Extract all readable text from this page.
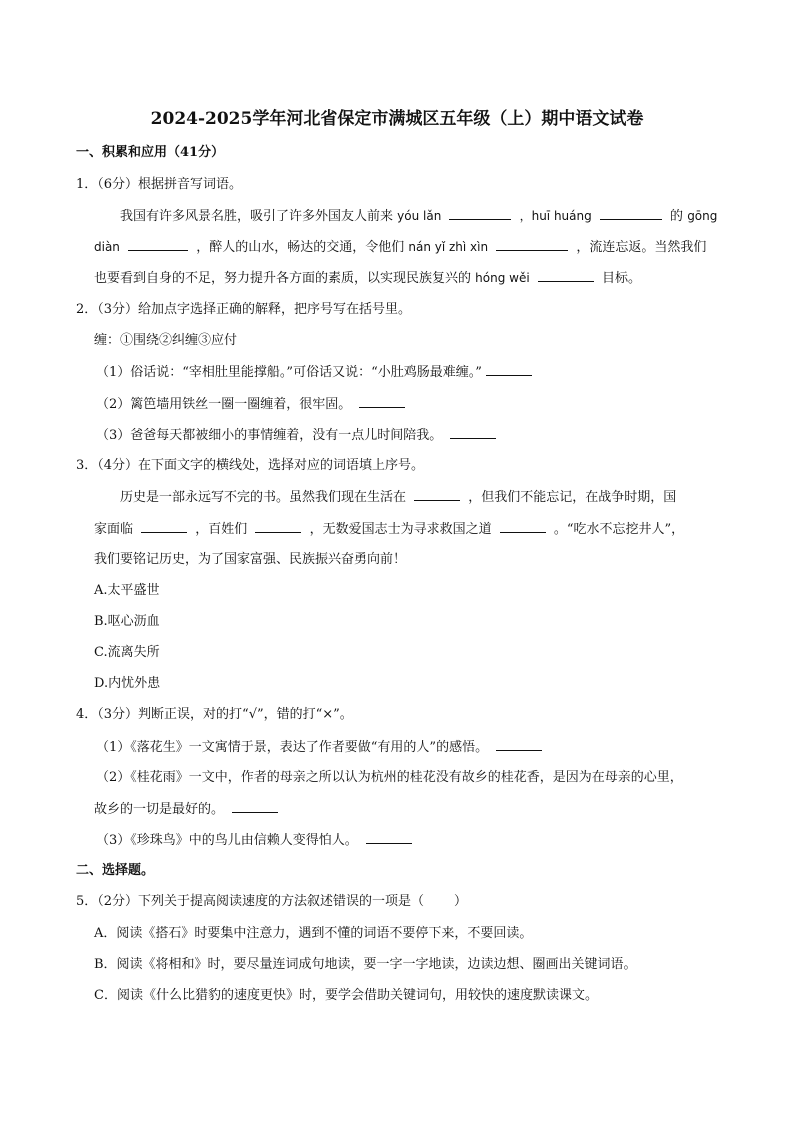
2024-2025学年河北省保定市满城区五年级（上）期中语文试卷
一、积累和应用（41分）
1．（6分）根据拼音写词语。
我国有许多风景名胜，吸引了许多外国友人前来 yóu lǎn	，huī huáng	的 gōng
diàn	，醉人的山水，畅达的交通，令他们 nán yǐ zhì xìn	，流连忘返。当然我们
也要看到自身的不足，努力提升各方面的素质，以实现民族复兴的 hóng wěi	目标。
2．（3分）给加点字选择正确的解释，把序号写在括号里。
缠：①围绕②纠缠③应付
（1）俗话说：“宰相肚里能撑船。”可俗话又说：“小肚鸡肠最难缠。”
（2）篱笆墙用铁丝一圈一圈缠着，很牢固。
（3）爸爸每天都被细小的事情缠着，没有一点儿时间陪我。
3．（4分）在下面文字的横线处，选择对应的词语填上序号。
历史是一部永远写不完的书。虽然我们现在生活在	，但我们不能忘记，在战争时期，国
家面临	，百姓们	，无数爱国志士为寻求救国之道	。“吃水不忘挖井人”，
我们要铭记历史，为了国家富强、民族振兴奋勇向前！
A.太平盛世
B.呕心沥血
C.流离失所
D.内忧外患
4．（3分）判断正误，对的打“√”，错的打“×”。
（1）《落花生》一文寓情于景，表达了作者要做“有用的人”的感悟。
（2）《桂花雨》一文中，作者的母亲之所以认为杭州的桂花没有故乡的桂花香，是因为在母亲的心里，
故乡的一切是最好的。
（3）《珍珠鸟》中的鸟儿由信赖人变得怕人。
二、选择题。
5．（2分）下列关于提高阅读速度的方法叙述错误的一项是（ ）
A．阅读《搭石》时要集中注意力，遇到不懂的词语不要停下来，不要回读。
B．阅读《将相和》时，要尽量连词成句地读，要一字一字地读，边读边想、圈画出关键词语。
C．阅读《什么比猎豹的速度更快》时，要学会借助关键词句，用较快的速度默读课文。
